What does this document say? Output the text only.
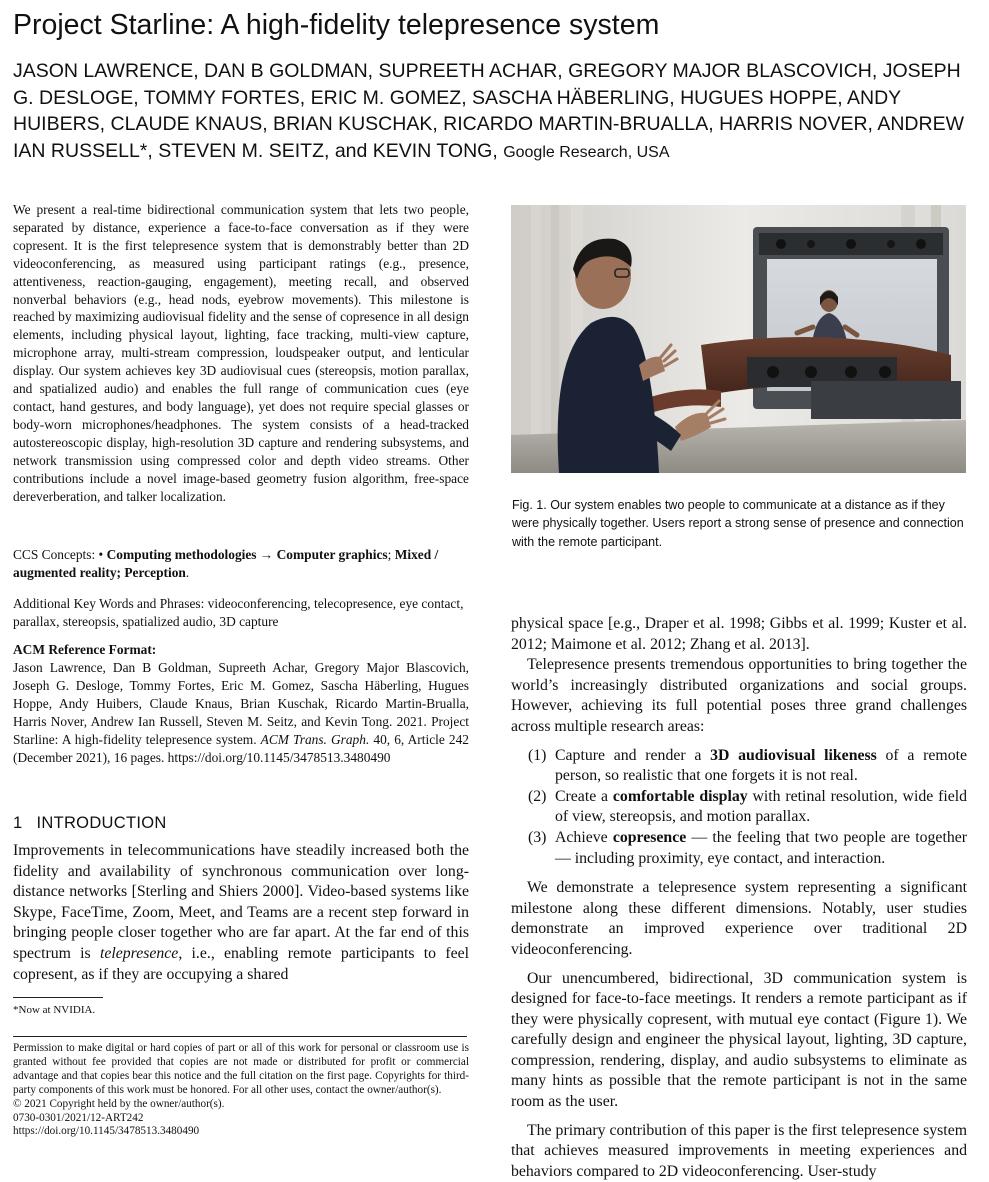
Project Starline: A high-fidelity telepresence system
JASON LAWRENCE, DAN B GOLDMAN, SUPREETH ACHAR, GREGORY MAJOR BLASCOVICH, JOSEPH
G. DESLOGE, TOMMY FORTES, ERIC M. GOMEZ, SASCHA HÄBERLING, HUGUES HOPPE, ANDY
HUIBERS, CLAUDE KNAUS, BRIAN KUSCHAK, RICARDO MARTIN-BRUALLA, HARRIS NOVER, ANDREW
IAN RUSSELL*, STEVEN M. SEITZ, and KEVIN TONG, Google Research, USA

We present a real-time bidirectional communication system that lets two people, separated by distance, experience a face-to-face conversation as if they were copresent. It is the first telepresence system that is demonstrably better than 2D videoconferencing, as measured using participant ratings (e.g., presence, attentiveness, reaction-gauging, engagement), meeting recall, and observed nonverbal behaviors (e.g., head nods, eyebrow movements). This milestone is reached by maximizing audiovisual fidelity and the sense of copresence in all design elements, including physical layout, lighting, face tracking, multi-view capture, microphone array, multi-stream compression, loudspeaker output, and lenticular display. Our system achieves key 3D audiovisual cues (stereopsis, motion parallax, and spatialized audio) and enables the full range of communication cues (eye contact, hand gestures, and body language), yet does not require special glasses or body-worn microphones/headphones. The system consists of a head-tracked autostereoscopic display, high-resolution 3D capture and rendering subsystems, and network transmission using compressed color and depth video streams. Other contributions include a novel image-based geometry fusion algorithm, free-space dereverberation, and talker localization.

CCS Concepts: • Computing methodologies → Computer graphics; Mixed / augmented reality; Perception.
Additional Key Words and Phrases: videoconferencing, telecopresence, eye contact, parallax, stereopsis, spatialized audio, 3D capture
ACM Reference Format:
Jason Lawrence, Dan B Goldman, Supreeth Achar, Gregory Major Blascovich, Joseph G. Desloge, Tommy Fortes, Eric M. Gomez, Sascha Häberling, Hugues Hoppe, Andy Huibers, Claude Knaus, Brian Kuschak, Ricardo Martin-Brualla, Harris Nover, Andrew Ian Russell, Steven M. Seitz, and Kevin Tong. 2021. Project Starline: A high-fidelity telepresence system. ACM Trans. Graph. 40, 6, Article 242 (December 2021), 16 pages. https://doi.org/10.1145/3478513.3480490
1 INTRODUCTION

Improvements in telecommunications have steadily increased both the fidelity and availability of synchronous communication over long-distance networks [Sterling and Shiers 2000]. Video-based systems like Skype, FaceTime, Zoom, Meet, and Teams are a recent step forward in bringing people closer together who are far apart. At the far end of this spectrum is telepresence, i.e., enabling remote participants to feel copresent, as if they are occupying a shared

*Now at NVIDIA.

Permission to make digital or hard copies of part or all of this work for personal or classroom use is granted without fee provided that copies are not made or distributed for profit or commercial advantage and that copies bear this notice and the full citation on the first page. Copyrights for third-party components of this work must be honored. For all other uses, contact the owner/author(s).

© 2021 Copyright held by the owner/author(s).

0730-0301/2021/12-ART242

https://doi.org/10.1145/3478513.3480490

Fig. 1. Our system enables two people to communicate at a distance as if they were physically together. Users report a strong sense of presence and connection with the remote participant.

physical space [e.g., Draper et al. 1998; Gibbs et al. 1999; Kuster et al. 2012; Maimone et al. 2012; Zhang et al. 2013].

Telepresence presents tremendous opportunities to bring together the world’s increasingly distributed organizations and social groups. However, achieving its full potential poses three grand challenges across multiple research areas:

(1) Capture and render a 3D audiovisual likeness of a remote person, so realistic that one forgets it is not real.
(2) Create a comfortable display with retinal resolution, wide field of view, stereopsis, and motion parallax.
(3) Achieve copresence — the feeling that two people are together — including proximity, eye contact, and interaction.

We demonstrate a telepresence system representing a significant milestone along these different dimensions. Notably, user studies demonstrate an improved experience over traditional 2D videoconferencing.

Our unencumbered, bidirectional, 3D communication system is designed for face-to-face meetings. It renders a remote participant as if they were physically copresent, with mutual eye contact (Figure 1). We carefully design and engineer the physical layout, lighting, 3D capture, compression, rendering, display, and audio subsystems to eliminate as many hints as possible that the remote participant is not in the same room as the user.

The primary contribution of this paper is the first telepresence system that achieves measured improvements in meeting experiences and behaviors compared to 2D videoconferencing. User-study
